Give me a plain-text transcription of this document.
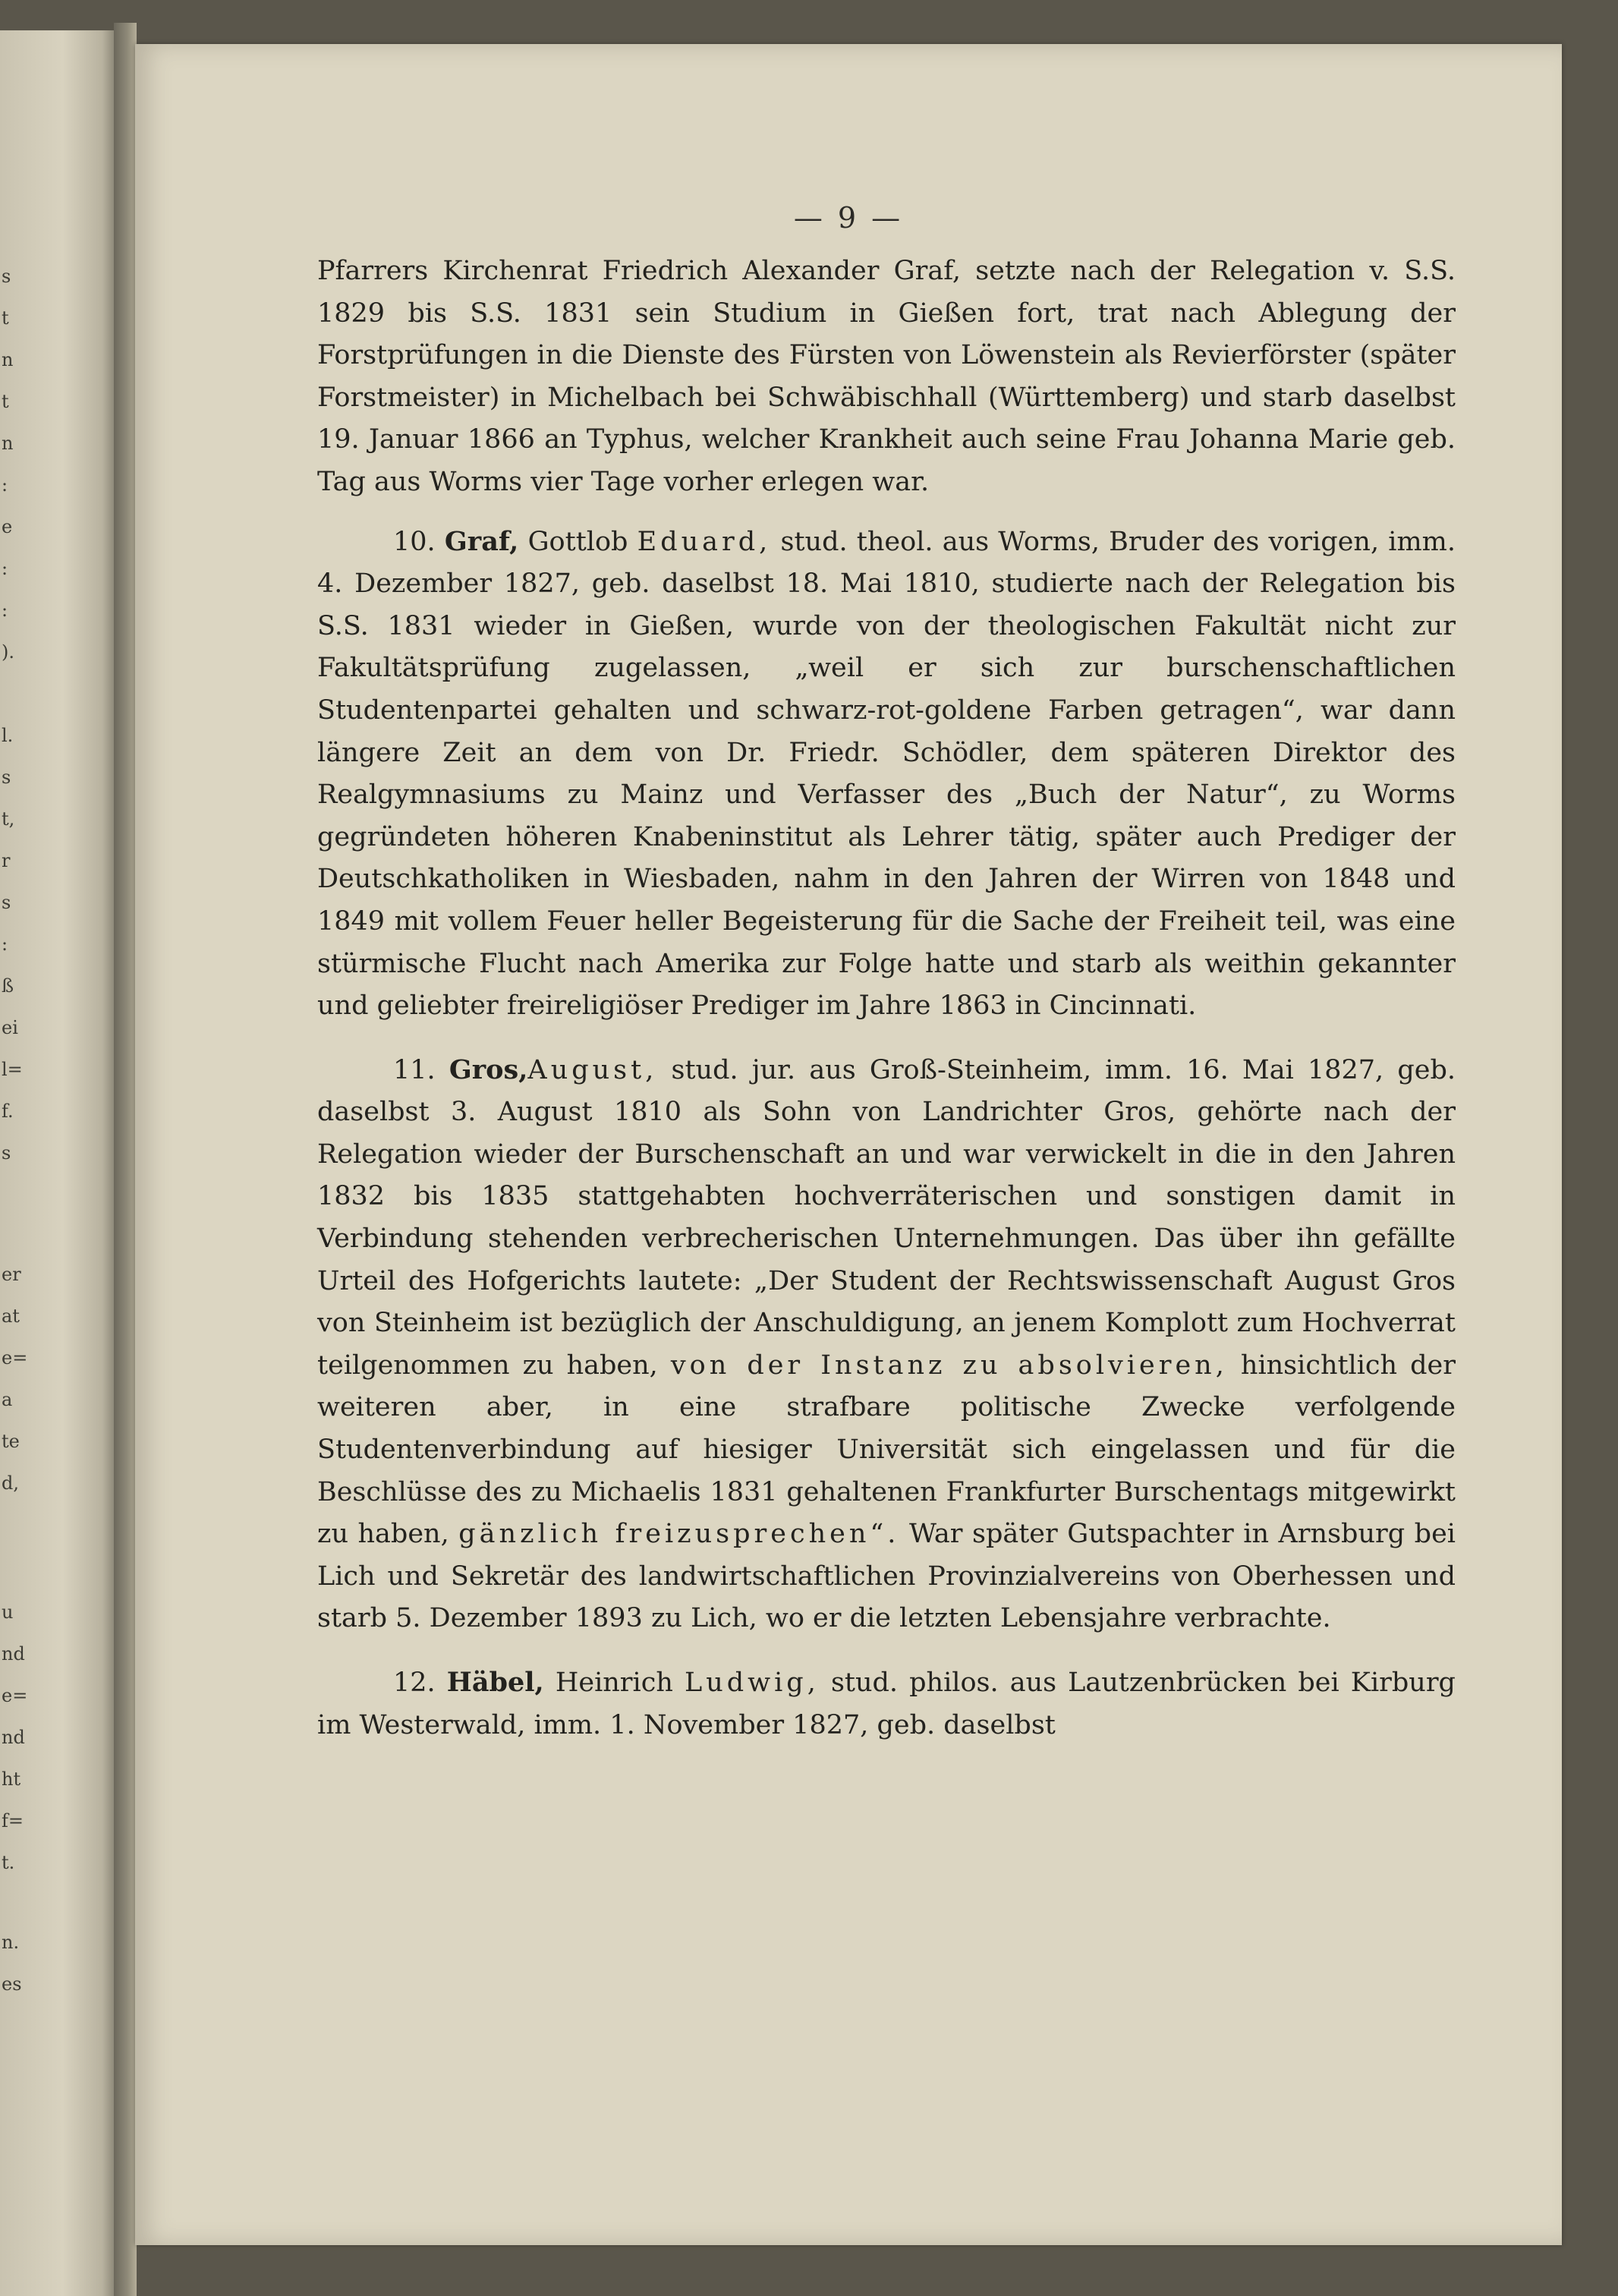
s
t
n
t
n
:
e
:
:
).
l.
s
t,
r
s
:
ß
ei
l=
f.
s
er
at
e=
a
te
d,
u
nd
e=
nd
ht
f=
t.
n.
es
— 9 —

Pfarrers Kirchenrat Friedrich Alexander Graf, setzte nach der Relegation v. S.S. 1829 bis S.S. 1831 sein Studium in Gießen fort, trat nach Ablegung der Forstprüfungen in die Dienste des Fürsten von Löwenstein als Revierförster (später Forstmeister) in Michelbach bei Schwäbischhall (Württemberg) und starb daselbst 19. Januar 1866 an Typhus, welcher Krankheit auch seine Frau Johanna Marie geb. Tag aus Worms vier Tage vorher erlegen war.

10. Graf, Gottlob Eduard, stud. theol. aus Worms, Bruder des vorigen, imm. 4. Dezember 1827, geb. daselbst 18. Mai 1810, studierte nach der Relegation bis S.S. 1831 wieder in Gießen, wurde von der theologischen Fakultät nicht zur Fakultätsprüfung zugelassen, „weil er sich zur burschenschaftlichen Studentenpartei gehalten und schwarz-rot-goldene Farben getragen“, war dann längere Zeit an dem von Dr. Friedr. Schödler, dem späteren Direktor des Realgymnasiums zu Mainz und Verfasser des „Buch der Natur“, zu Worms gegründeten höheren Knabeninstitut als Lehrer tätig, später auch Prediger der Deutschkatholiken in Wiesbaden, nahm in den Jahren der Wirren von 1848 und 1849 mit vollem Feuer heller Begeisterung für die Sache der Freiheit teil, was eine stürmische Flucht nach Amerika zur Folge hatte und starb als weithin gekannter und geliebter freireligiöser Prediger im Jahre 1863 in Cincinnati.

11. Gros,August, stud. jur. aus Groß-Steinheim, imm. 16. Mai 1827, geb. daselbst 3. August 1810 als Sohn von Landrichter Gros, gehörte nach der Relegation wieder der Burschenschaft an und war verwickelt in die in den Jahren 1832 bis 1835 stattgehabten hochverräterischen und sonstigen damit in Verbindung stehenden verbrecherischen Unternehmungen. Das über ihn gefällte Urteil des Hofgerichts lautete: „Der Student der Rechtswissenschaft August Gros von Steinheim ist bezüglich der Anschuldigung, an jenem Komplott zum Hochverrat teilgenommen zu haben, von der Instanz zu absolvieren, hinsichtlich der weiteren aber, in eine strafbare politische Zwecke verfolgende Studentenverbindung auf hiesiger Universität sich eingelassen und für die Beschlüsse des zu Michaelis 1831 gehaltenen Frankfurter Burschentags mitgewirkt zu haben, gänzlich freizusprechen“. War später Gutspachter in Arnsburg bei Lich und Sekretär des landwirtschaftlichen Provinzialvereins von Oberhessen und starb 5. Dezember 1893 zu Lich, wo er die letzten Lebensjahre verbrachte.

12. Häbel, Heinrich Ludwig, stud. philos. aus Lautzenbrücken bei Kirburg im Westerwald, imm. 1. November 1827, geb. daselbst
